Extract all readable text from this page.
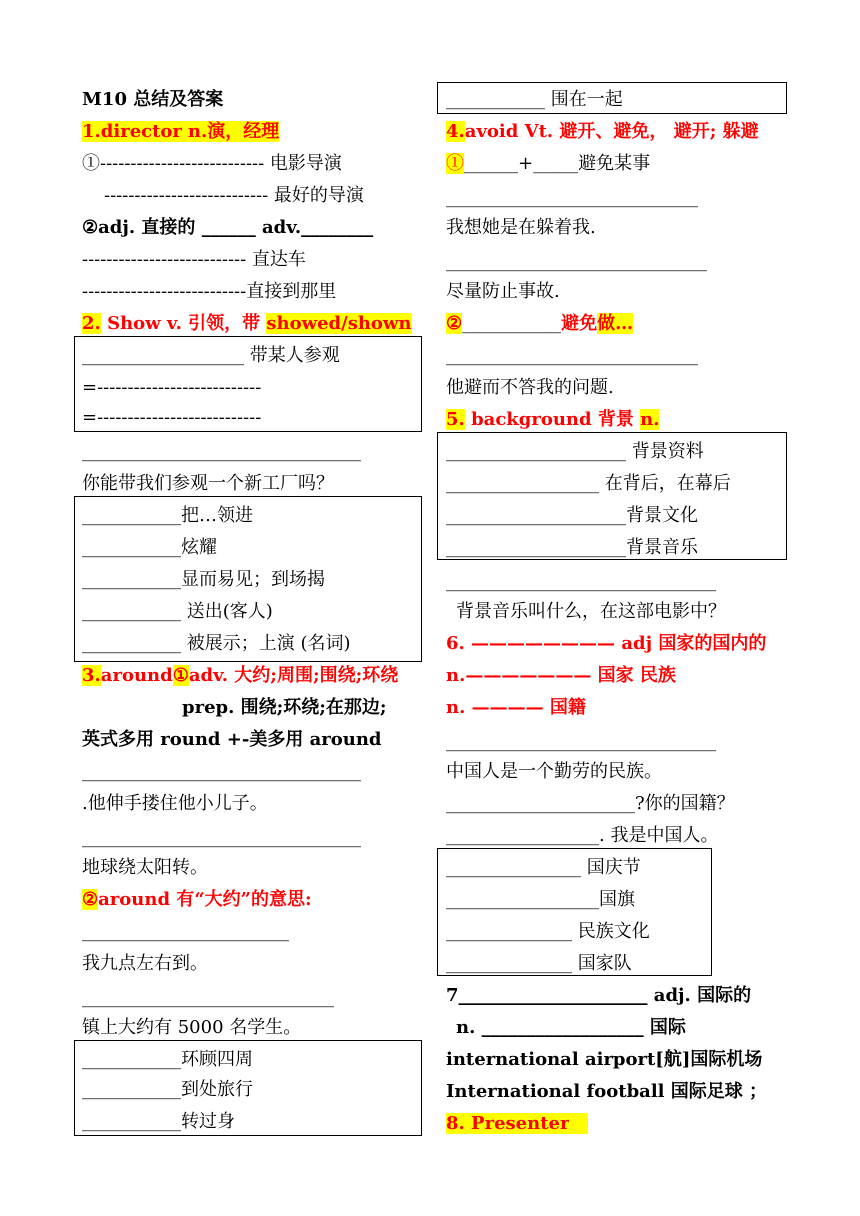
M10 总结及答案
1.director n.演，经理
①--------------------------- 电影导演
--------------------------- 最好的导演
②adj. 直接的 ______ adv.________
--------------------------- 直达车
---------------------------直接到那里
2. Show v. 引领，带 showed/shown
__________________ 带某人参观
=---------------------------
=---------------------------
_______________________________
你能带我们参观一个新工厂吗？
___________把…领进
___________炫耀
___________显而易见；到场揭
___________ 送出(客人)
___________ 被展示；上演 (名词)
3.around①adv. 大约;周围;围绕;环绕
prep. 围绕;环绕;在那边;
英式多用 round +-美多用 around
_______________________________
.他伸手搂住他小儿子。
_______________________________
地球绕太阳转。
②around 有“大约”的意思:
_______________________
我九点左右到。
____________________________
镇上大约有 5000 名学生。
___________环顾四周
___________到处旅行
___________转过身
___________ 围在一起
4.avoid Vt. 避开、避免， 避开; 躲避
①______+_____避免某事
____________________________
我想她是在躲着我.
_____________________________
尽量防止事故.
②___________避免做…
____________________________
他避而不答我的问题.
5. background 背景 n.
____________________ 背景资料
_________________ 在背后，在幕后
____________________背景文化
____________________背景音乐
______________________________
背景音乐叫什么，在这部电影中？
6. ———————— adj 国家的国内的
n.——————— 国家 民族
n. ———— 国籍
______________________________
中国人是一个勤劳的民族。
_____________________?你的国籍？
_________________. 我是中国人。
_______________ 国庆节
_________________国旗
______________ 民族文化
______________ 国家队
7_____________________ adj. 国际的
n. __________________ 国际
international airport[航]国际机场
International football 国际足球 ；
8. Presenter
